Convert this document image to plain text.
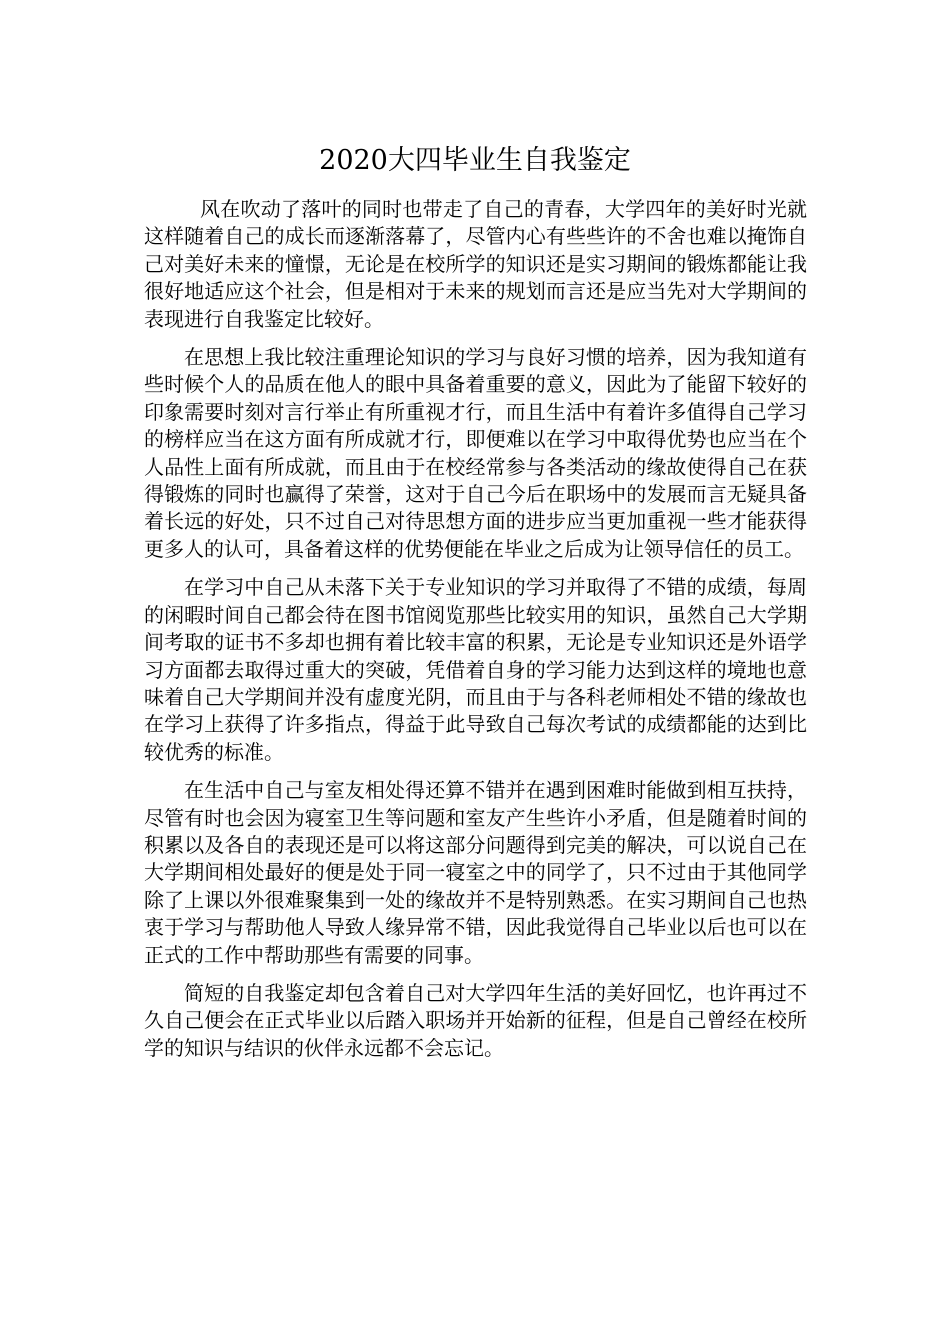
2020大四毕业生自我鉴定

风在吹动了落叶的同时也带走了自己的青春，大学四年的美好时光就这样随着自己的成长而逐渐落幕了，尽管内心有些些许的不舍也难以掩饰自己对美好未来的憧憬，无论是在校所学的知识还是实习期间的锻炼都能让我很好地适应这个社会，但是相对于未来的规划而言还是应当先对大学期间的表现进行自我鉴定比较好。

在思想上我比较注重理论知识的学习与良好习惯的培养，因为我知道有些时候个人的品质在他人的眼中具备着重要的意义，因此为了能留下较好的印象需要时刻对言行举止有所重视才行，而且生活中有着许多值得自己学习的榜样应当在这方面有所成就才行，即便难以在学习中取得优势也应当在个人品性上面有所成就，而且由于在校经常参与各类活动的缘故使得自己在获得锻炼的同时也赢得了荣誉，这对于自己今后在职场中的发展而言无疑具备着长远的好处，只不过自己对待思想方面的进步应当更加重视一些才能获得更多人的认可，具备着这样的优势便能在毕业之后成为让领导信任的员工。

在学习中自己从未落下关于专业知识的学习并取得了不错的成绩，每周的闲暇时间自己都会待在图书馆阅览那些比较实用的知识，虽然自己大学期间考取的证书不多却也拥有着比较丰富的积累，无论是专业知识还是外语学习方面都去取得过重大的突破，凭借着自身的学习能力达到这样的境地也意味着自己大学期间并没有虚度光阴，而且由于与各科老师相处不错的缘故也在学习上获得了许多指点，得益于此导致自己每次考试的成绩都能的达到比较优秀的标准。

在生活中自己与室友相处得还算不错并在遇到困难时能做到相互扶持，尽管有时也会因为寝室卫生等问题和室友产生些许小矛盾，但是随着时间的积累以及各自的表现还是可以将这部分问题得到完美的解决，可以说自己在大学期间相处最好的便是处于同一寝室之中的同学了，只不过由于其他同学除了上课以外很难聚集到一处的缘故并不是特别熟悉。在实习期间自己也热衷于学习与帮助他人导致人缘异常不错，因此我觉得自己毕业以后也可以在正式的工作中帮助那些有需要的同事。

简短的自我鉴定却包含着自己对大学四年生活的美好回忆，也许再过不久自己便会在正式毕业以后踏入职场并开始新的征程，但是自己曾经在校所学的知识与结识的伙伴永远都不会忘记。
